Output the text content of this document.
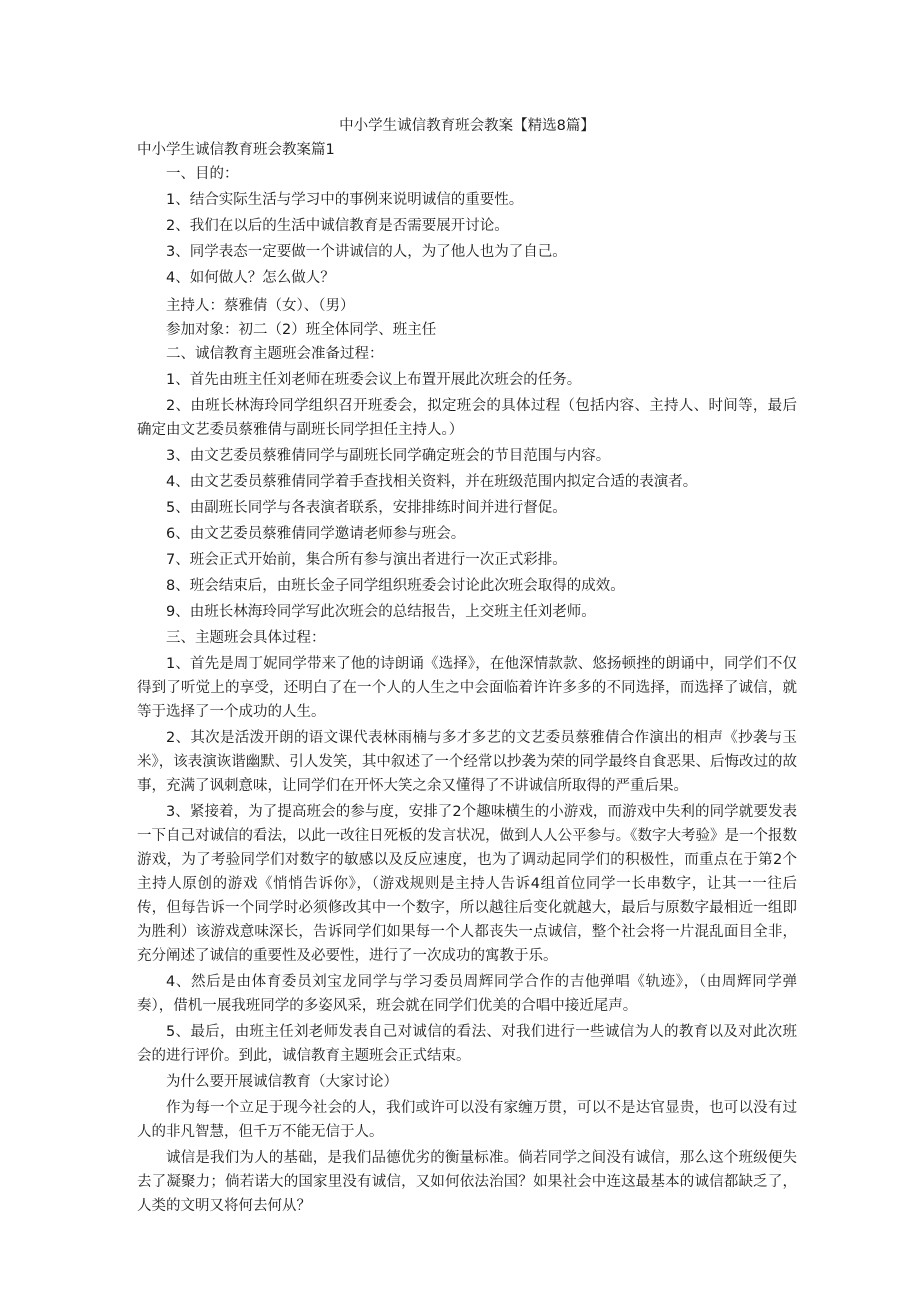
中小学生诚信教育班会教案【精选8篇】
中小学生诚信教育班会教案篇1

一、目的：

1、结合实际生活与学习中的事例来说明诚信的重要性。

2、我们在以后的生活中诚信教育是否需要展开讨论。

3、同学表态一定要做一个讲诚信的人，为了他人也为了自己。

4、如何做人？怎么做人？

主持人：蔡雅倩（女）、（男）

参加对象：初二（2）班全体同学、班主任

二、诚信教育主题班会准备过程：

1、首先由班主任刘老师在班委会议上布置开展此次班会的任务。

2、由班长林海玲同学组织召开班委会，拟定班会的具体过程（包括内容、主持人、时间等，最后确定由文艺委员蔡雅倩与副班长同学担任主持人。）

3、由文艺委员蔡雅倩同学与副班长同学确定班会的节目范围与内容。

4、由文艺委员蔡雅倩同学着手查找相关资料，并在班级范围内拟定合适的表演者。

5、由副班长同学与各表演者联系，安排排练时间并进行督促。

6、由文艺委员蔡雅倩同学邀请老师参与班会。

7、班会正式开始前，集合所有参与演出者进行一次正式彩排。

8、班会结束后，由班长金子同学组织班委会讨论此次班会取得的成效。

9、由班长林海玲同学写此次班会的总结报告，上交班主任刘老师。

三、主题班会具体过程：

1、首先是周丁妮同学带来了他的诗朗诵《选择》，在他深情款款、悠扬顿挫的朗诵中，同学们不仅得到了听觉上的享受，还明白了在一个人的人生之中会面临着许许多多的不同选择，而选择了诚信，就等于选择了一个成功的人生。

2、其次是活泼开朗的语文课代表林雨楠与多才多艺的文艺委员蔡雅倩合作演出的相声《抄袭与玉米》，该表演诙谐幽默、引人发笑，其中叙述了一个经常以抄袭为荣的同学最终自食恶果、后悔改过的故事，充满了讽刺意味，让同学们在开怀大笑之余又懂得了不讲诚信所取得的严重后果。

3、紧接着，为了提高班会的参与度，安排了2个趣味横生的小游戏，而游戏中失利的同学就要发表一下自己对诚信的看法，以此一改往日死板的发言状况，做到人人公平参与。《数字大考验》是一个报数游戏，为了考验同学们对数字的敏感以及反应速度，也为了调动起同学们的积极性，而重点在于第2个主持人原创的游戏《悄悄告诉你》，（游戏规则是主持人告诉4组首位同学一长串数字，让其一一往后传，但每告诉一个同学时必须修改其中一个数字，所以越往后变化就越大，最后与原数字最相近一组即为胜利）该游戏意味深长，告诉同学们如果每一个人都丧失一点诚信，整个社会将一片混乱面目全非，充分阐述了诚信的重要性及必要性，进行了一次成功的寓教于乐。

4、然后是由体育委员刘宝龙同学与学习委员周辉同学合作的吉他弹唱《轨迹》，（由周辉同学弹奏），借机一展我班同学的多姿风采，班会就在同学们优美的合唱中接近尾声。

5、最后，由班主任刘老师发表自己对诚信的看法、对我们进行一些诚信为人的教育以及对此次班会的进行评价。到此，诚信教育主题班会正式结束。

为什么要开展诚信教育（大家讨论）

作为每一个立足于现今社会的人，我们或许可以没有家缠万贯，可以不是达官显贵，也可以没有过人的非凡智慧，但千万不能无信于人。

诚信是我们为人的基础，是我们品德优劣的衡量标准。倘若同学之间没有诚信，那么这个班级便失去了凝聚力；倘若诺大的国家里没有诚信，又如何依法治国？如果社会中连这最基本的诚信都缺乏了，人类的文明又将何去何从？
